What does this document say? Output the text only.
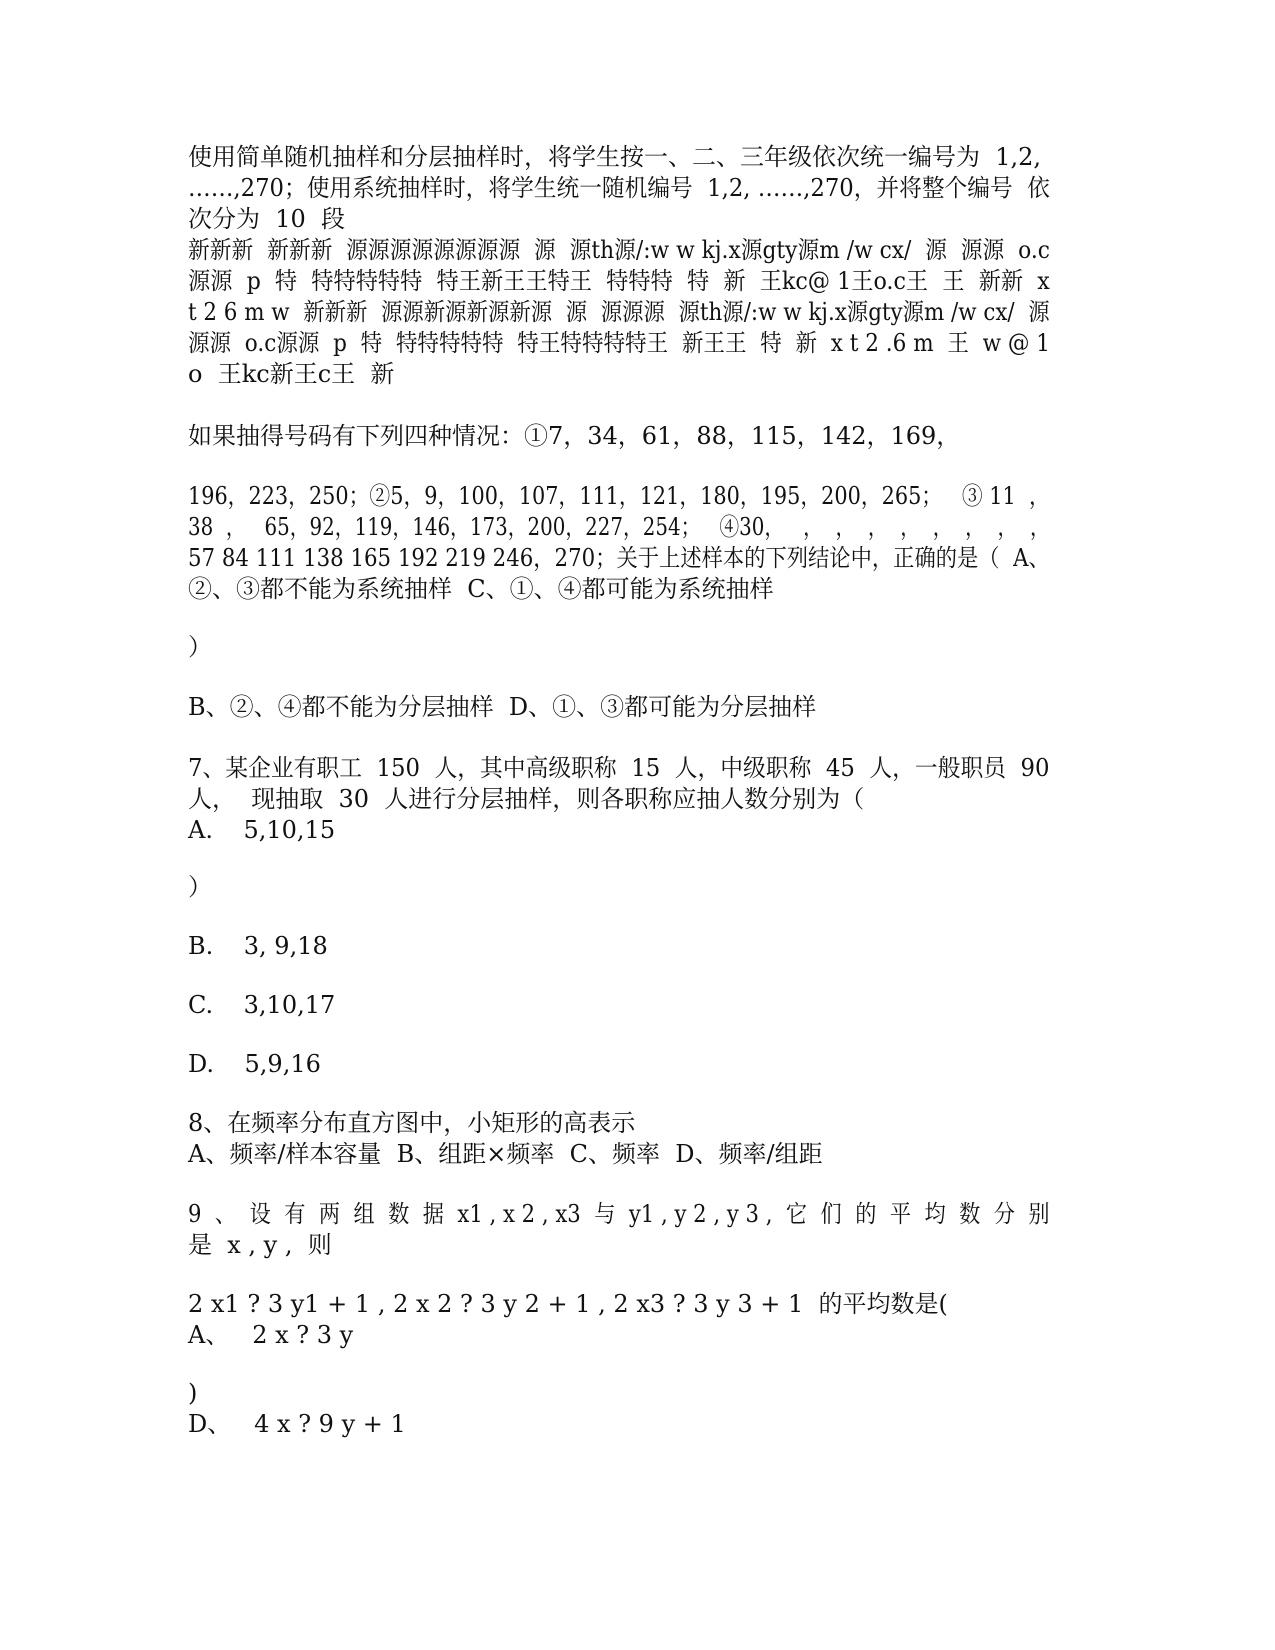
使用简单随机抽样和分层抽样时，将学生按一、二、三年级依次统一编号为  1,2,
……,270；使用系统抽样时，将学生统一随机编号  1,2, ……,270，并将整个编号  依
次分为  10  段
新新新  新新新  源源源源源源源源  源  源th源/:w w kj.x源gty源m /w cx/  源  源源  o.c
源源  p  特  特特特特特  特王新王王特王  特特特  特  新  王kc@ 1王o.c王  王  新新  x
t 2 6 m w  新新新  源源新源新源新源  源  源源源  源th源/:w w kj.x源gty源m /w cx/  源
源源  o.c源源  p  特  特特特特特  特王特特特特王  新王王  特  新  x t 2 .6 m  王  w @ 1
o  王kc新王c王  新
如果抽得号码有下列四种情况：①7，34，61，88，115，142，169，
196，223，250；②5，9，100，107，111，121，180，195，200，265；   ③ 11  ，
38  ，   65，92，119，146，173，200，227，254；   ④30，   ，  ，  ，  ，  ，  ，  ，  ，
57 84 111 138 165 192 219 246，270；关于上述样本的下列结论中，正确的是（  A、
②、③都不能为系统抽样  C、①、④都可能为系统抽样
）
B、②、④都不能为分层抽样  D、①、③都可能为分层抽样
7、某企业有职工  150  人，其中高级职称  15  人，中级职称  45  人，一般职员  90
人，  现抽取  30  人进行分层抽样，则各职称应抽人数分别为（
A.    5,10,15
）
B.    3, 9,18
C.    3,10,17
D.    5,9,16
8、在频率分布直方图中，小矩形的高表示
A、频率/样本容量  B、组距×频率  C、频率  D、频率/组距
9  、  设  有  两  组  数  据  x1 , x 2 , x3  与  y1 , y 2 , y 3 ,  它  们  的  平  均  数  分  别
是  x , y ,  则
2 x1 ? 3 y1 + 1 , 2 x 2 ? 3 y 2 + 1 , 2 x3 ? 3 y 3 + 1  的平均数是(
A、   2 x ? 3 y
)
D、   4 x ? 9 y + 1
